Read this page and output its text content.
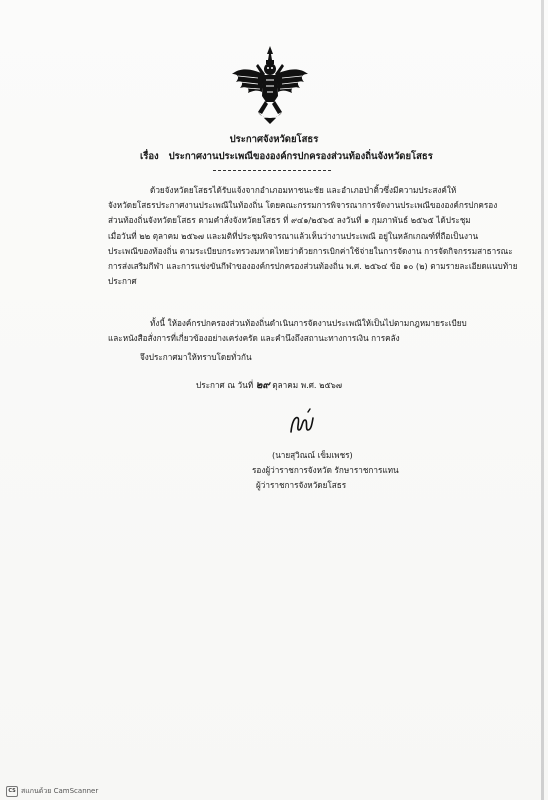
ประกาศจังหวัดยโสธร
เรื่อง ประกาศงานประเพณีขององค์กรปกครองส่วนท้องถิ่นจังหวัดยโสธร
ด้วยจังหวัดยโสธรได้รับแจ้งจากอำเภอมหาชนะชัย และอำเภอป่าติ้วซึ่งมีความประสงค์ให้
จังหวัดยโสธรประกาศงานประเพณีในท้องถิ่น โดยคณะกรรมการพิจารณาการจัดงานประเพณีขององค์กรปกครอง
ส่วนท้องถิ่นจังหวัดยโสธร ตามคำสั่งจังหวัดยโสธร ที่ ๙๔๑/๒๕๖๕ ลงวันที่ ๑ กุมภาพันธ์ ๒๕๖๕ ได้ประชุม
เมื่อวันที่ ๒๒ ตุลาคม ๒๕๖๗ และมติที่ประชุมพิจารณาแล้วเห็นว่างานประเพณี อยู่ในหลักเกณฑ์ที่ถือเป็นงาน
ประเพณีของท้องถิ่น ตามระเบียบกระทรวงมหาดไทยว่าด้วยการเบิกค่าใช้จ่ายในการจัดงาน การจัดกิจกรรมสาธารณะ
การส่งเสริมกีฬา และการแข่งขันกีฬาขององค์กรปกครองส่วนท้องถิ่น พ.ศ. ๒๕๖๔ ข้อ ๑๐ (๒) ตามรายละเอียดแนบท้าย
ประกาศ
ทั้งนี้ ให้องค์กรปกครองส่วนท้องถิ่นดำเนินการจัดงานประเพณีให้เป็นไปตามกฎหมายระเบียบ
และหนังสือสั่งการที่เกี่ยวข้องอย่างเคร่งครัด และคำนึงถึงสถานะทางการเงิน การคลัง
จึงประกาศมาให้ทราบโดยทั่วกัน
ประกาศ ณ วันที่ ๒๙ ตุลาคม พ.ศ. ๒๕๖๗
(นายสุวิณณ์ เข็มเพชร)
รองผู้ว่าราชการจังหวัด รักษาราชการแทน
ผู้ว่าราชการจังหวัดยโสธร
CS สแกนด้วย CamScanner
